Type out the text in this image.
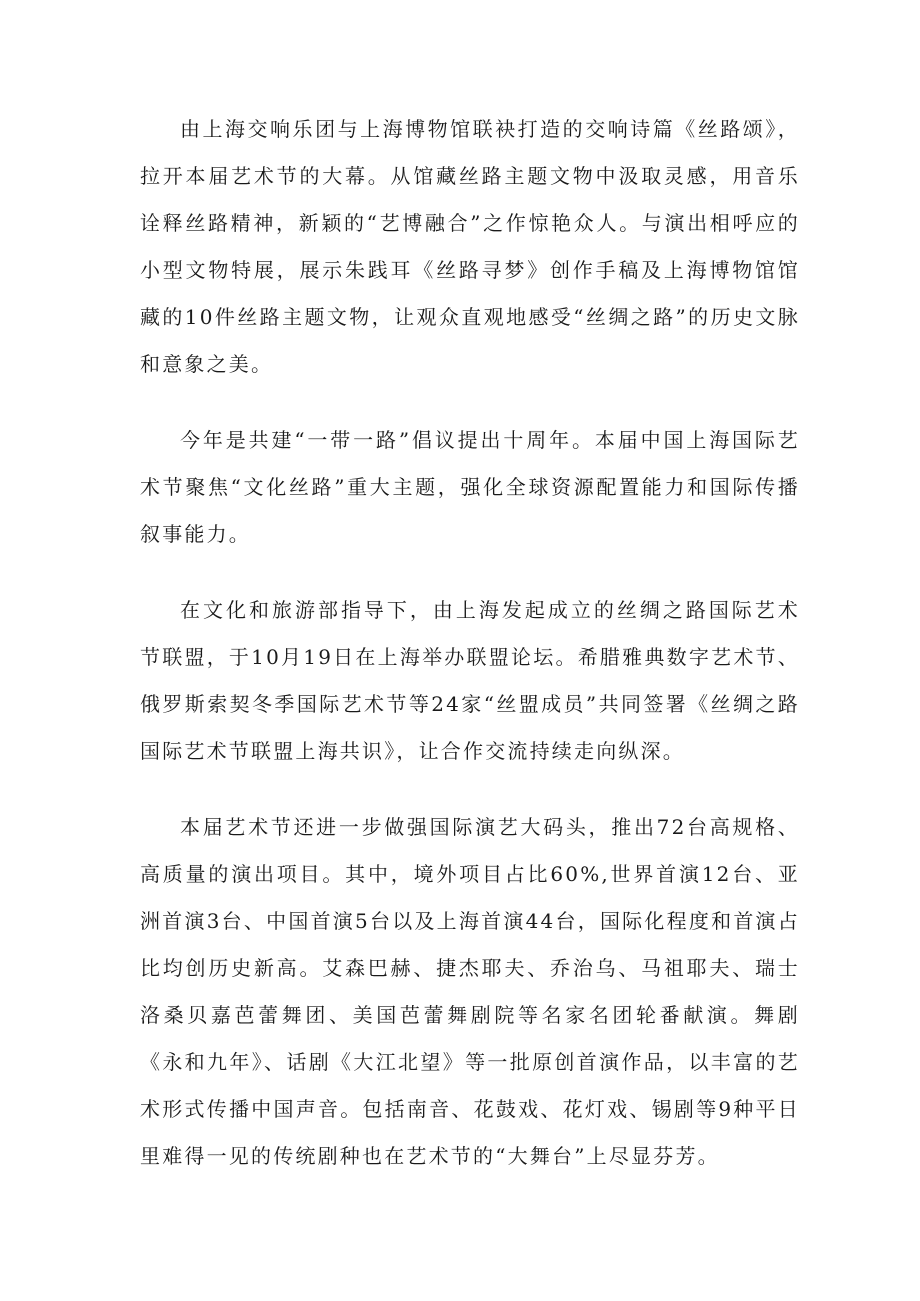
由上海交响乐团与上海博物馆联袂打造的交响诗篇《丝路颂》，拉开本届艺术节的大幕。从馆藏丝路主题文物中汲取灵感，用音乐诠释丝路精神，新颖的“艺博融合”之作惊艳众人。与演出相呼应的小型文物特展，展示朱践耳《丝路寻梦》创作手稿及上海博物馆馆藏的10件丝路主题文物，让观众直观地感受“丝绸之路”的历史文脉和意象之美。

今年是共建“一带一路”倡议提出十周年。本届中国上海国际艺术节聚焦“文化丝路”重大主题，强化全球资源配置能力和国际传播叙事能力。

在文化和旅游部指导下，由上海发起成立的丝绸之路国际艺术节联盟，于10月19日在上海举办联盟论坛。希腊雅典数字艺术节、俄罗斯索契冬季国际艺术节等24家“丝盟成员”共同签署《丝绸之路国际艺术节联盟上海共识》，让合作交流持续走向纵深。

本届艺术节还进一步做强国际演艺大码头，推出72台高规格、高质量的演出项目。其中，境外项目占比60%,世界首演12台、亚洲首演3台、中国首演5台以及上海首演44台，国际化程度和首演占比均创历史新高。艾森巴赫、捷杰耶夫、乔治乌、马祖耶夫、瑞士洛桑贝嘉芭蕾舞团、美国芭蕾舞剧院等名家名团轮番献演。舞剧《永和九年》、话剧《大江北望》等一批原创首演作品，以丰富的艺术形式传播中国声音。包括南音、花鼓戏、花灯戏、锡剧等9种平日里难得一见的传统剧种也在艺术节的“大舞台”上尽显芬芳。
